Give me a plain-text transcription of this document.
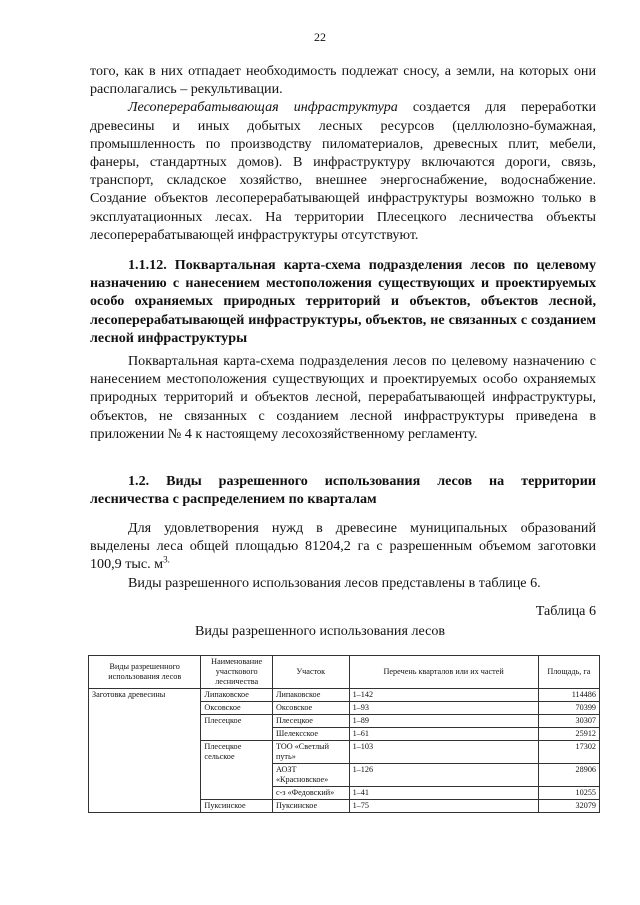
22

того, как в них отпадает необходимость подлежат сносу, а земли, на которых они располагались – рекультивации.

Лесоперерабатывающая инфраструктура создается для переработки древесины и иных добытых лесных ресурсов (целлюлозно-бумажная, промышленность по производству пиломатериалов, древесных плит, мебели, фанеры, стандартных домов). В инфраструктуру включаются дороги, связь, транспорт, складское хозяйство, внешнее энергоснабжение, водоснабжение. Создание объектов лесоперерабатывающей инфраструктуры возможно только в эксплуатационных лесах. На территории Плесецкого лесничества объекты лесоперерабатывающей инфраструктуры отсутствуют.

1.1.12. Поквартальная карта-схема подразделения лесов по целевому назначению с нанесением местоположения существующих и проектируемых особо охраняемых природных территорий и объектов, объектов лесной, лесоперерабатывающей инфраструктуры, объектов, не связанных с созданием лесной инфраструктуры

Поквартальная карта-схема подразделения лесов по целевому назначению с нанесением местоположения существующих и проектируемых особо охраняемых природных территорий и объектов лесной, перерабатывающей инфраструктуры, объектов, не связанных с созданием лесной инфраструктуры приведена в приложении № 4 к настоящему лесохозяйственному регламенту.

1.2. Виды разрешенного использования лесов на территории лесничества с распределением по кварталам

Для удовлетворения нужд в древесине муниципальных образований выделены леса общей площадью 81204,2 га с разрешенным объемом заготовки 100,9 тыс. $м^{3.}$

Виды разрешенного использования лесов представлены в таблице 6.

Таблица 6
Виды разрешенного использования лесов
Виды разрешенного использования лесов	Наименование участкового лесничества	Участок	Перечень кварталов или их частей	Площадь, га
Заготовка древесины	Липаковское	Липаковское	1–142	114486
	Оксовское	Оксовское	1–93	70399
	Плесецкое	Плесецкое	1–89	30307
		Шелексское	1–61	25912
	Плесецкое сельское	ТОО «Светлый путь»	1–103	17302
		АОЗТ «Красновское»	1–126	28906
		с-з «Федовский»	1–41	10255
	Пуксинское	Пуксинское	1–75	32079
